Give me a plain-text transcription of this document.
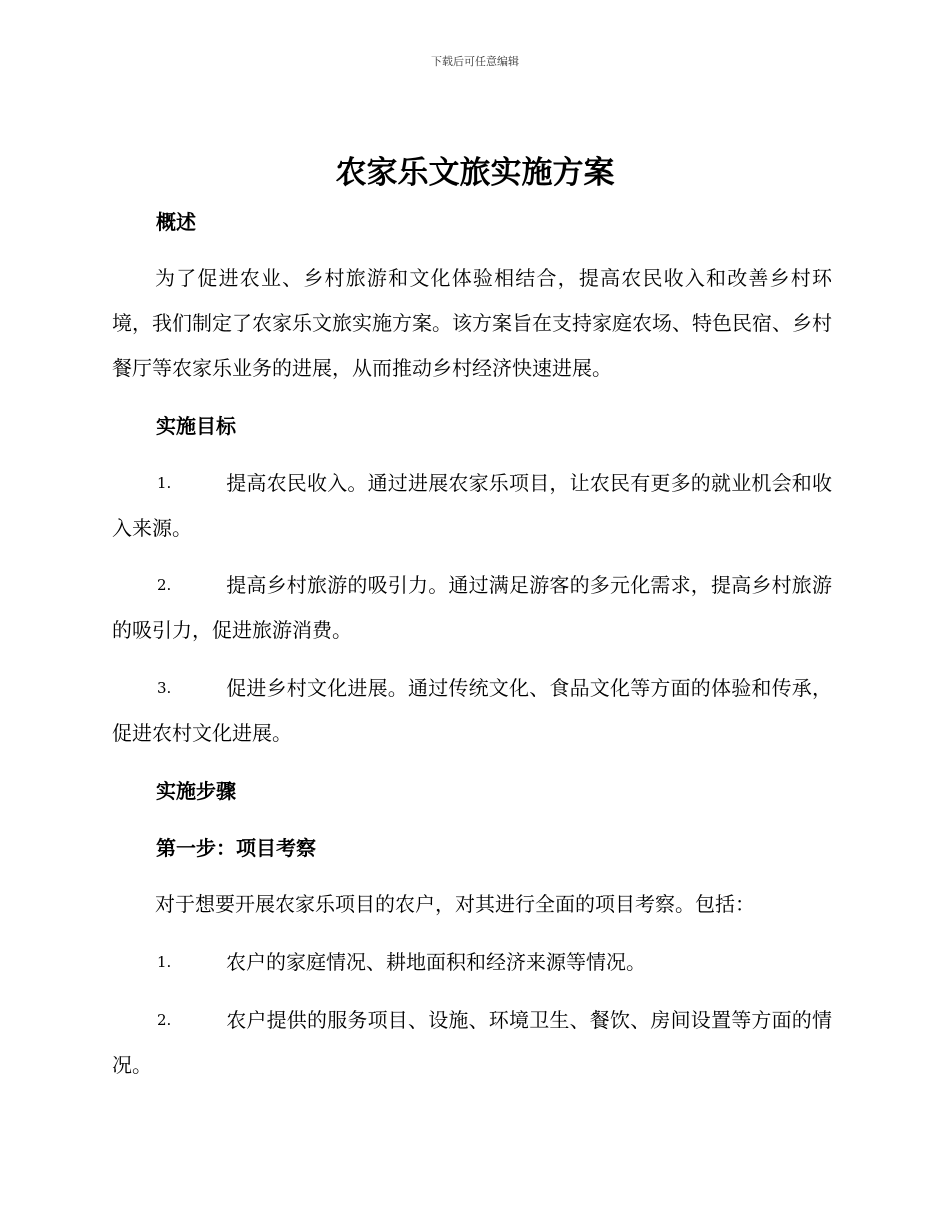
下载后可任意编辑
农家乐文旅实施方案
概述
为了促进农业、乡村旅游和文化体验相结合，提高农民收入和改善乡村环境，我们制定了农家乐文旅实施方案。该方案旨在支持家庭农场、特色民宿、乡村餐厅等农家乐业务的进展，从而推动乡村经济快速进展。
实施目标
1.	提高农民收入。通过进展农家乐项目，让农民有更多的就业机会和收入来源。
2.	提高乡村旅游的吸引力。通过满足游客的多元化需求，提高乡村旅游的吸引力，促进旅游消费。
3.	促进乡村文化进展。通过传统文化、食品文化等方面的体验和传承，促进农村文化进展。
实施步骤
第一步：项目考察
对于想要开展农家乐项目的农户，对其进行全面的项目考察。包括：
1.	农户的家庭情况、耕地面积和经济来源等情况。
2.	农户提供的服务项目、设施、环境卫生、餐饮、房间设置等方面的情况。
